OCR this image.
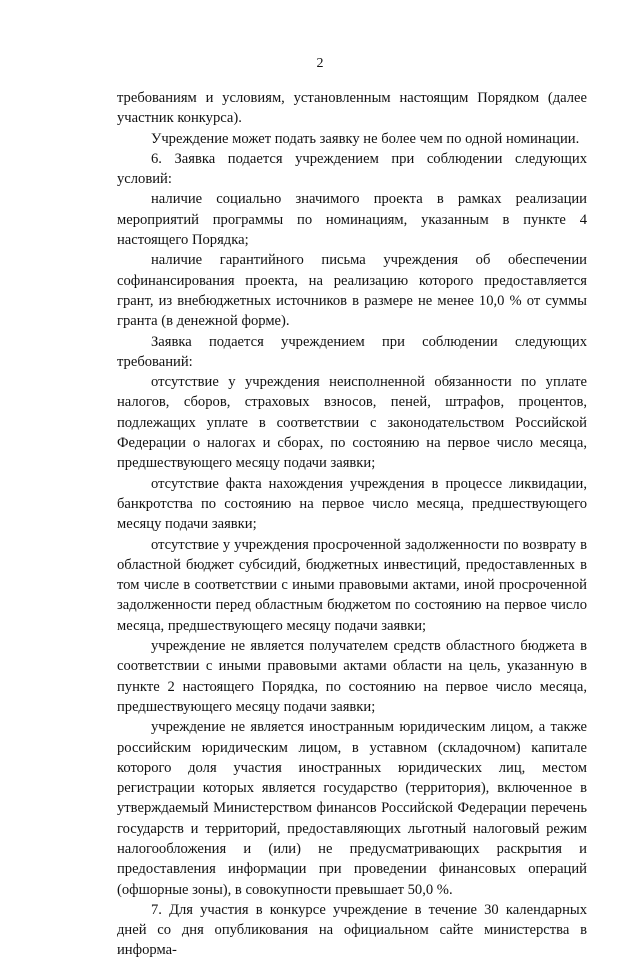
2

требованиям и условиям, установленным настоящим Порядком (далее участник конкурса).

Учреждение может подать заявку не более чем по одной номинации.

6. Заявка подается учреждением при соблюдении следующих условий:

наличие социально значимого проекта в рамках реализации мероприятий программы по номинациям, указанным в пункте 4 настоящего Порядка;

наличие гарантийного письма учреждения об обеспечении софинансирования проекта, на реализацию которого предоставляется грант, из внебюджетных источников в размере не менее 10,0 % от суммы гранта (в денежной форме).

Заявка подается учреждением при соблюдении следующих требований:

отсутствие у учреждения неисполненной обязанности по уплате налогов, сборов, страховых взносов, пеней, штрафов, процентов, подлежащих уплате в соответствии с законодательством Российской Федерации о налогах и сборах, по состоянию на первое число месяца, предшествующего месяцу подачи заявки;

отсутствие факта нахождения учреждения в процессе ликвидации, банкротства по состоянию на первое число месяца, предшествующего месяцу подачи заявки;

отсутствие у учреждения просроченной задолженности по возврату в областной бюджет субсидий, бюджетных инвестиций, предоставленных в том числе в соответствии с иными правовыми актами, иной просроченной задолженности перед областным бюджетом по состоянию на первое число месяца, предшествующего месяцу подачи заявки;

учреждение не является получателем средств областного бюджета в соответствии с иными правовыми актами области на цель, указанную в пункте 2 настоящего Порядка, по состоянию на первое число месяца, предшествующего месяцу подачи заявки;

учреждение не является иностранным юридическим лицом, а также российским юридическим лицом, в уставном (складочном) капитале которого доля участия иностранных юридических лиц, местом регистрации которых является государство (территория), включенное в утверждаемый Министерством финансов Российской Федерации перечень государств и территорий, предоставляющих льготный налоговый режим налогообложения и (или) не предусматривающих раскрытия и предоставления информации при проведении финансовых операций (офшорные зоны), в совокупности превышает 50,0 %.

7. Для участия в конкурсе учреждение в течение 30 календарных дней со дня опубликования на официальном сайте министерства в информа-
